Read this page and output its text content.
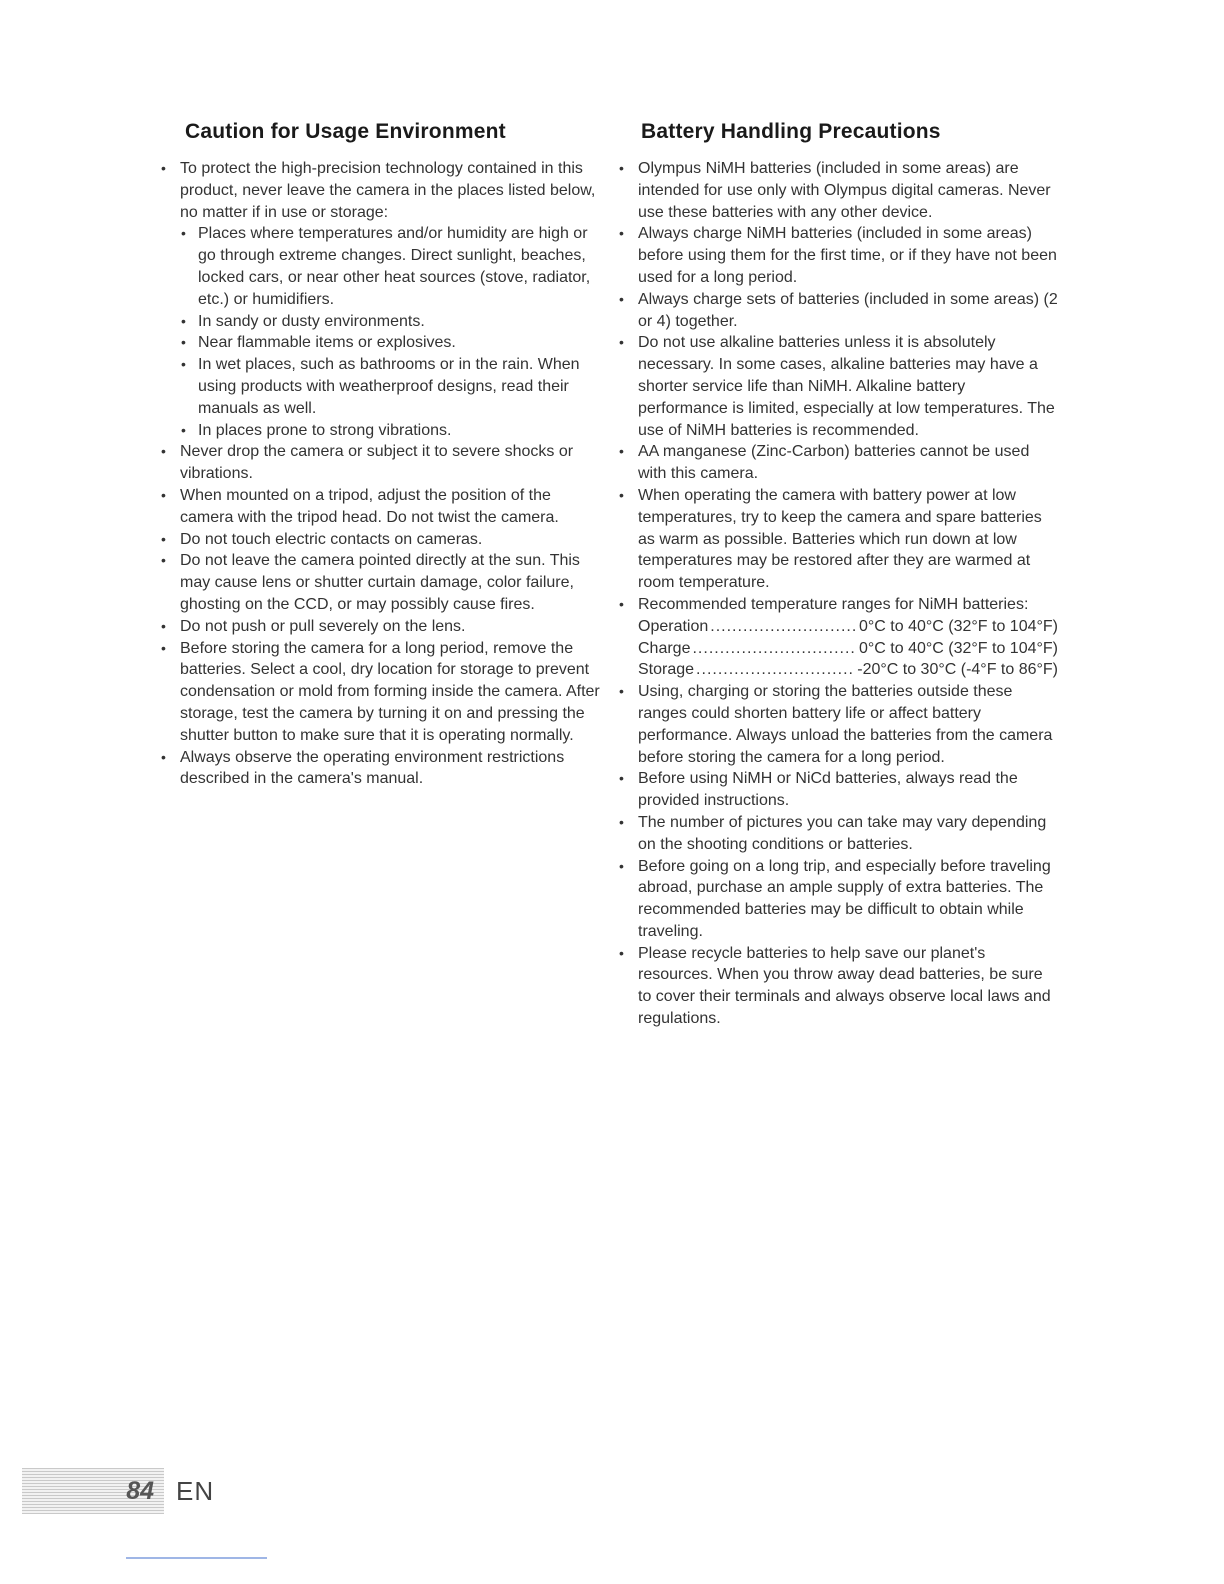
Caution for Usage Environment
• To protect the high-precision technology contained in this product, never leave the camera in the places listed below, no matter if in use or storage:
• Places where temperatures and/or humidity are high or go through extreme changes. Direct sunlight, beaches, locked cars, or near other heat sources (stove, radiator, etc.) or humidifiers.
• In sandy or dusty environments.
• Near flammable items or explosives.
• In wet places, such as bathrooms or in the rain. When using products with weatherproof designs, read their manuals as well.
• In places prone to strong vibrations.
• Never drop the camera or subject it to severe shocks or vibrations.
• When mounted on a tripod, adjust the position of the camera with the tripod head. Do not twist the camera.
• Do not touch electric contacts on cameras.
• Do not leave the camera pointed directly at the sun. This may cause lens or shutter curtain damage, color failure, ghosting on the CCD, or may possibly cause fires.
• Do not push or pull severely on the lens.
• Before storing the camera for a long period, remove the batteries. Select a cool, dry location for storage to prevent condensation or mold from forming inside the camera. After storage, test the camera by turning it on and pressing the shutter button to make sure that it is operating normally.
• Always observe the operating environment restrictions described in the camera's manual.
Battery Handling Precautions
• Olympus NiMH batteries (included in some areas) are intended for use only with Olympus digital cameras. Never use these batteries with any other device.
• Always charge NiMH batteries (included in some areas) before using them for the first time, or if they have not been used for a long period.
• Always charge sets of batteries (included in some areas) (2 or 4) together.
• Do not use alkaline batteries unless it is absolutely necessary. In some cases, alkaline batteries may have a shorter service life than NiMH. Alkaline battery performance is limited, especially at low temperatures. The use of NiMH batteries is recommended.
• AA manganese (Zinc-Carbon) batteries cannot be used with this camera.
• When operating the camera with battery power at low temperatures, try to keep the camera and spare batteries as warm as possible. Batteries which run down at low temperatures may be restored after they are warmed at room temperature.
• Recommended temperature ranges for NiMH batteries:
Operation .....	0°C to 40°C (32°F to 104°F)
Charge .....	0°C to 40°C (32°F to 104°F)
Storage .....	-20°C to 30°C (-4°F to 86°F)
• Using, charging or storing the batteries outside these ranges could shorten battery life or affect battery performance. Always unload the batteries from the camera before storing the camera for a long period.
• Before using NiMH or NiCd batteries, always read the provided instructions.
• The number of pictures you can take may vary depending on the shooting conditions or batteries.
• Before going on a long trip, and especially before traveling abroad, purchase an ample supply of extra batteries. The recommended batteries may be difficult to obtain while traveling.
• Please recycle batteries to help save our planet's resources. When you throw away dead batteries, be sure to cover their terminals and always observe local laws and regulations.
84 EN
